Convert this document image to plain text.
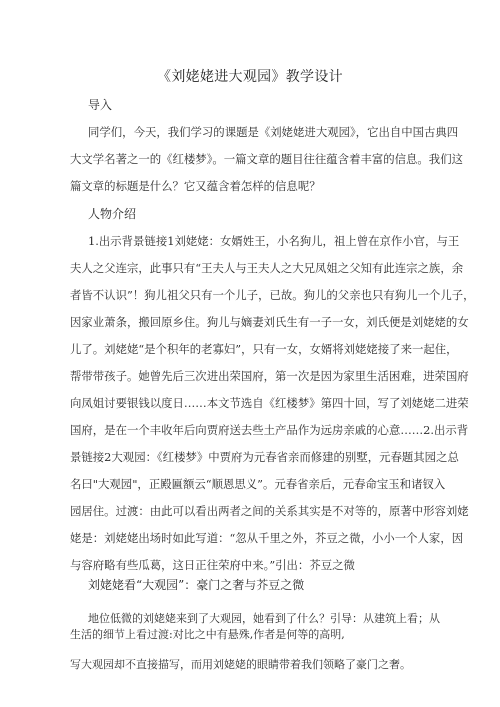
《刘姥姥进大观园》教学设计
导入
同学们，今天，我们学习的课题是《刘姥姥进大观园》，它出自中国古典四
大文学名著之一的《红楼梦》。一篇文章的题目往往蕴含着丰富的信息。我们这
篇文章的标题是什么？它又蕴含着怎样的信息呢？
人物介绍
1.出示背景链接1刘姥姥：女婿姓王，小名狗儿，祖上曾在京作小官，与王
夫人之父连宗，此事只有“王夫人与王夫人之大兄凤姐之父知有此连宗之族，余
者皆不认识”！狗儿祖父只有一个儿子，已故。狗儿的父亲也只有狗儿一个儿子，
因家业萧条，搬回原乡住。狗儿与嫡妻刘氏生有一子一女，刘氏便是刘姥姥的女
儿了。刘姥姥“是个积年的老寡妇”，只有一女，女婿将刘姥姥接了来一起住，
帮带带孩子。她曾先后三次进出荣国府，第一次是因为家里生活困难，进荣国府
向凤姐讨要银钱以度日……本文节选自《红楼梦》第四十回，写了刘姥姥二进荣
国府，是在一个丰收年后向贾府送去些土产品作为远房亲戚的心意……2.出示背
景链接2大观园：《红楼梦》中贾府为元春省亲而修建的别墅，元春题其园之总
名曰"大观园"，正殿匾额云“顺恩思义”。元春省亲后，元春命宝玉和诸钗入
园居住。过渡：由此可以看出两者之间的关系其实是不对等的，原著中形容刘姥
姥是：刘姥姥出场时如此写道：“忽从千里之外，芥豆之微，小小一个人家，因
与容府略有些瓜葛，这日正往荣府中来。”引出：芥豆之微
刘姥姥看“大观园”：豪门之奢与芥豆之微
地位低微的刘姥姥来到了大观园，她看到了什么？引导：从建筑上看；从
生活的细节上看过渡:对比之中有悬殊,作者是何等的高明,
写大观园却不直接描写，而用刘姥姥的眼睛带着我们领略了豪门之奢。
